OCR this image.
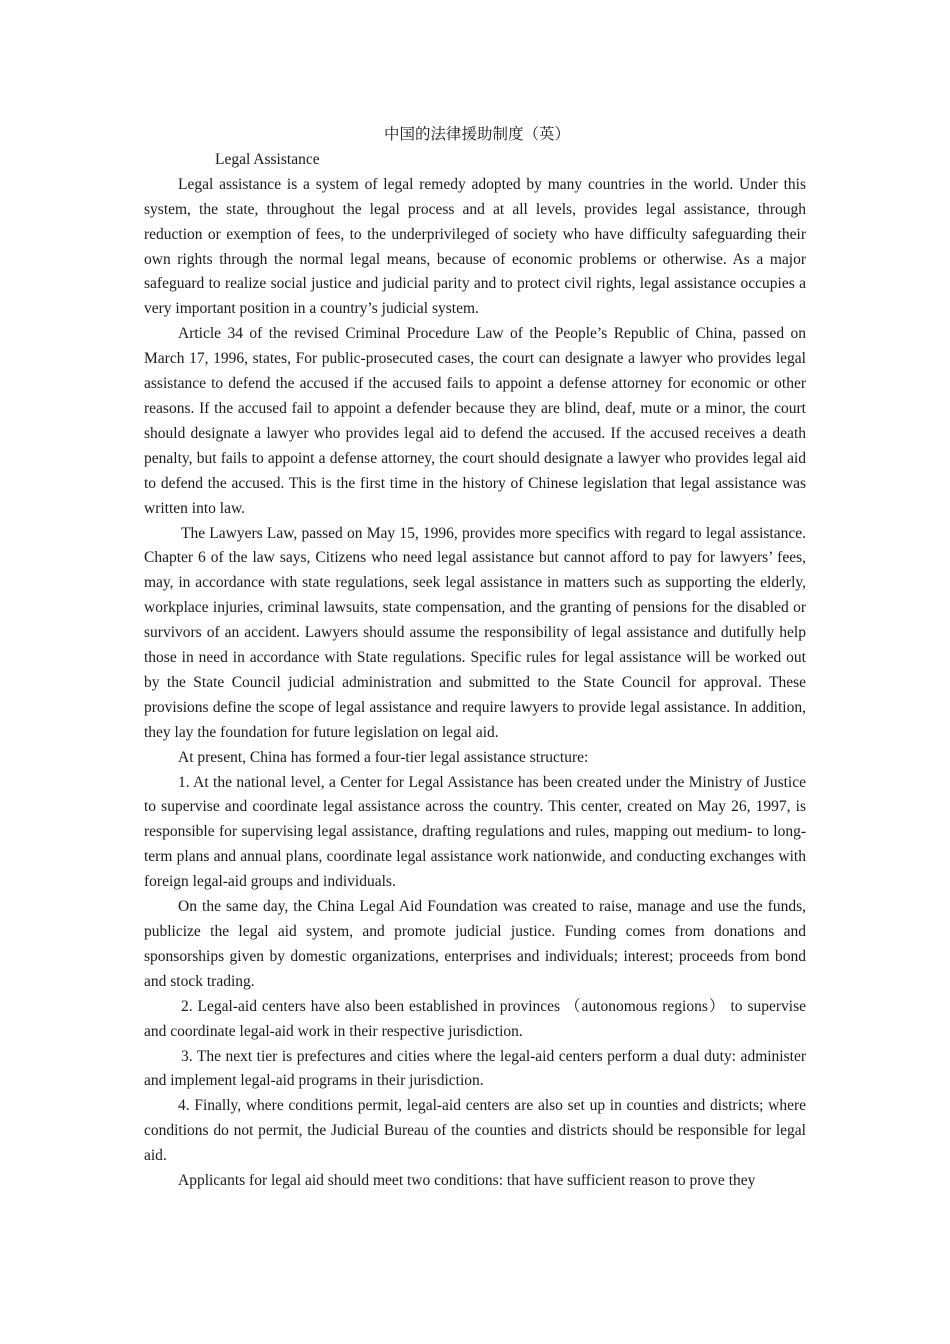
中国的法律援助制度（英）

Legal Assistance

Legal assistance is a system of legal remedy adopted by many countries in the world. Under this system, the state, throughout the legal process and at all levels, provides legal assistance, through reduction or exemption of fees, to the underprivileged of society who have difficulty safeguarding their own rights through the normal legal means, because of economic problems or otherwise. As a major safeguard to realize social justice and judicial parity and to protect civil rights, legal assistance occupies a very important position in a country’s judicial system.

Article 34 of the revised Criminal Procedure Law of the People’s Republic of China, passed on March 17, 1996, states, For public-prosecuted cases, the court can designate a lawyer who provides legal assistance to defend the accused if the accused fails to appoint a defense attorney for economic or other reasons. If the accused fail to appoint a defender because they are blind, deaf, mute or a minor, the court should designate a lawyer who provides legal aid to defend the accused. If the accused receives a death penalty, but fails to appoint a defense attorney, the court should designate a lawyer who provides legal aid to defend the accused. This is the first time in the history of Chinese legislation that legal assistance was written into law.

The Lawyers Law, passed on May 15, 1996, provides more specifics with regard to legal assistance. Chapter 6 of the law says, Citizens who need legal assistance but cannot afford to pay for lawyers’ fees, may, in accordance with state regulations, seek legal assistance in matters such as supporting the elderly, workplace injuries, criminal lawsuits, state compensation, and the granting of pensions for the disabled or survivors of an accident. Lawyers should assume the responsibility of legal assistance and dutifully help those in need in accordance with State regulations. Specific rules for legal assistance will be worked out by the State Council judicial administration and submitted to the State Council for approval. These provisions define the scope of legal assistance and require lawyers to provide legal assistance. In addition, they lay the foundation for future legislation on legal aid.

At present, China has formed a four-tier legal assistance structure:

1. At the national level, a Center for Legal Assistance has been created under the Ministry of Justice to supervise and coordinate legal assistance across the country. This center, created on May 26, 1997, is responsible for supervising legal assistance, drafting regulations and rules, mapping out medium- to long-term plans and annual plans, coordinate legal assistance work nationwide, and conducting exchanges with foreign legal-aid groups and individuals.

On the same day, the China Legal Aid Foundation was created to raise, manage and use the funds, publicize the legal aid system, and promote judicial justice. Funding comes from donations and sponsorships given by domestic organizations, enterprises and individuals; interest; proceeds from bond and stock trading.

2. Legal-aid centers have also been established in provinces （autonomous regions） to supervise and coordinate legal-aid work in their respective jurisdiction.

3. The next tier is prefectures and cities where the legal-aid centers perform a dual duty: administer and implement legal-aid programs in their jurisdiction.

4. Finally, where conditions permit, legal-aid centers are also set up in counties and districts; where conditions do not permit, the Judicial Bureau of the counties and districts should be responsible for legal aid.

Applicants for legal aid should meet two conditions: that have sufficient reason to prove they
